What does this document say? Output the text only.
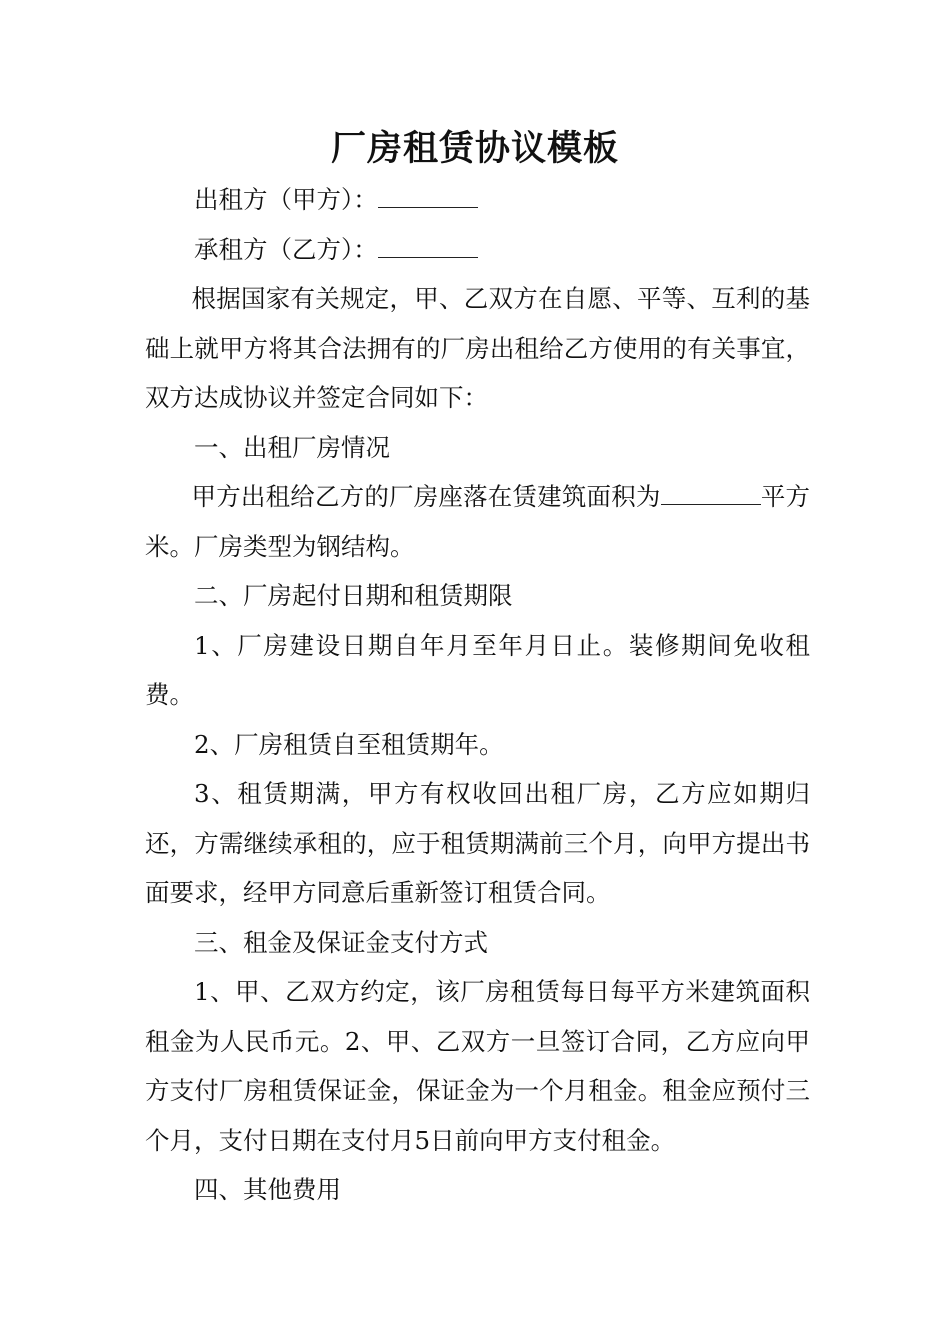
厂房租赁协议模板

出租方（甲方）：

承租方（乙方）：

根据国家有关规定，甲、乙双方在自愿、平等、互利的基础上就甲方将其合法拥有的厂房出租给乙方使用的有关事宜，双方达成协议并签定合同如下：

一、出租厂房情况

甲方出租给乙方的厂房座落在赁建筑面积为	平方米。厂房类型为钢结构。

二、厂房起付日期和租赁期限

1、厂房建设日期自年月至年月日止。装修期间免收租费。

2、厂房租赁自至租赁期年。

3、租赁期满，甲方有权收回出租厂房，乙方应如期归还，方需继续承租的，应于租赁期满前三个月，向甲方提出书面要求，经甲方同意后重新签订租赁合同。

三、租金及保证金支付方式

1、甲、乙双方约定，该厂房租赁每日每平方米建筑面积租金为人民币元。2、甲、乙双方一旦签订合同，乙方应向甲方支付厂房租赁保证金，保证金为一个月租金。租金应预付三个月，支付日期在支付月5日前向甲方支付租金。

四、其他费用
